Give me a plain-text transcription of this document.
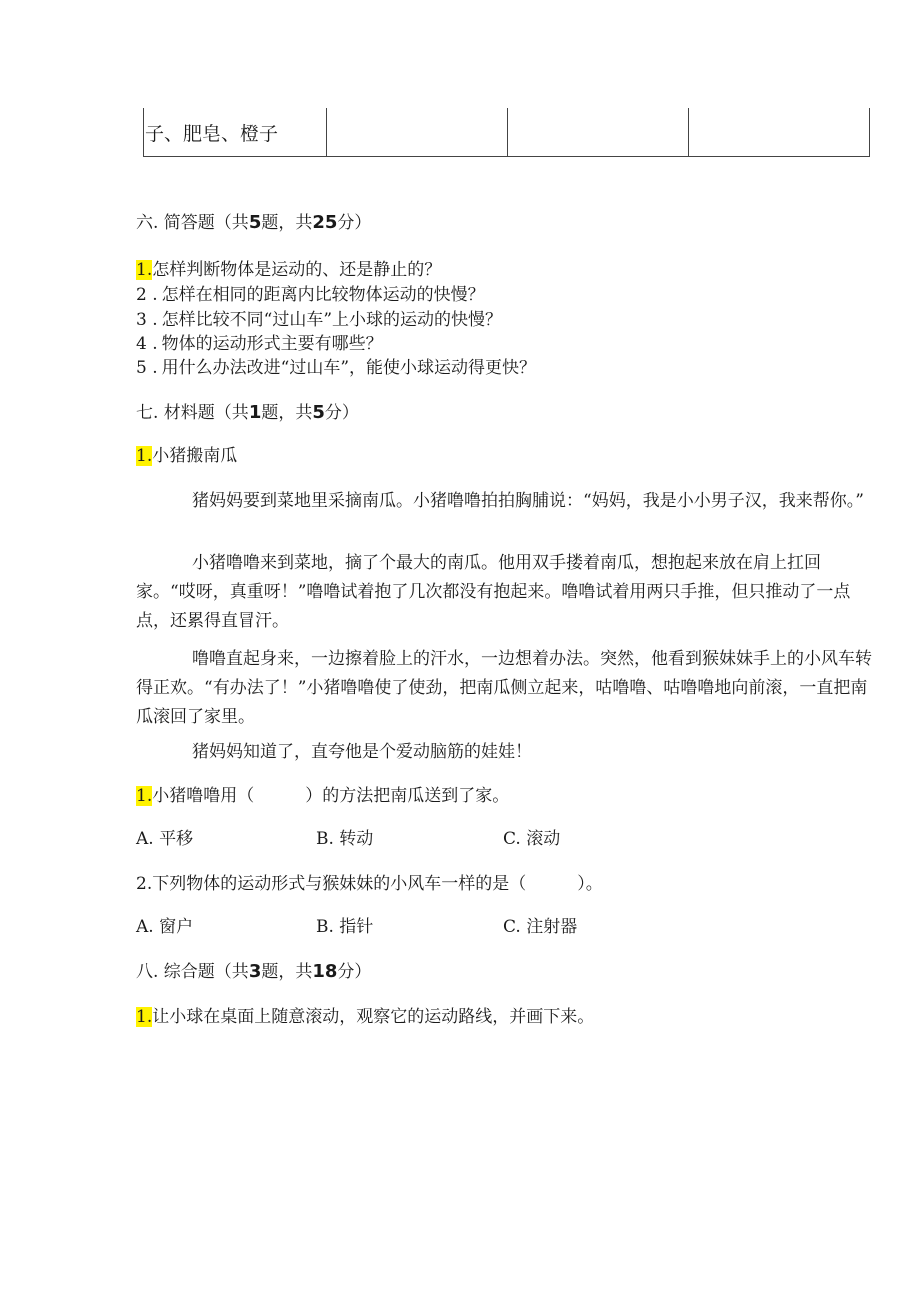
子、肥皂、橙子			
六. 简答题（共5题，共25分）
1.怎样判断物体是运动的、还是静止的？
2 . 怎样在相同的距离内比较物体运动的快慢？
3 . 怎样比较不同“过山车”上小球的运动的快慢？
4 . 物体的运动形式主要有哪些？
5 . 用什么办法改进“过山车”，能使小球运动得更快？
七. 材料题（共1题，共5分）
1.小猪搬南瓜
猪妈妈要到菜地里采摘南瓜。小猪噜噜拍拍胸脯说：“妈妈，我是小小男子汉，我来帮你。”
小猪噜噜来到菜地，摘了个最大的南瓜。他用双手搂着南瓜，想抱起来放在肩上扛回家。“哎呀，真重呀！”噜噜试着抱了几次都没有抱起来。噜噜试着用两只手推，但只推动了一点点，还累得直冒汗。
噜噜直起身来，一边擦着脸上的汗水，一边想着办法。突然，他看到猴妹妹手上的小风车转得正欢。“有办法了！”小猪噜噜使了使劲，把南瓜侧立起来，咕噜噜、咕噜噜地向前滚，一直把南瓜滚回了家里。
猪妈妈知道了，直夸他是个爱动脑筋的娃娃！
1.小猪噜噜用（　　　）的方法把南瓜送到了家。
A. 平移	B. 转动	C. 滚动
2.下列物体的运动形式与猴妹妹的小风车一样的是（　　　）。
A. 窗户	B. 指针	C. 注射器
八. 综合题（共3题，共18分）
1.让小球在桌面上随意滚动，观察它的运动路线，并画下来。
